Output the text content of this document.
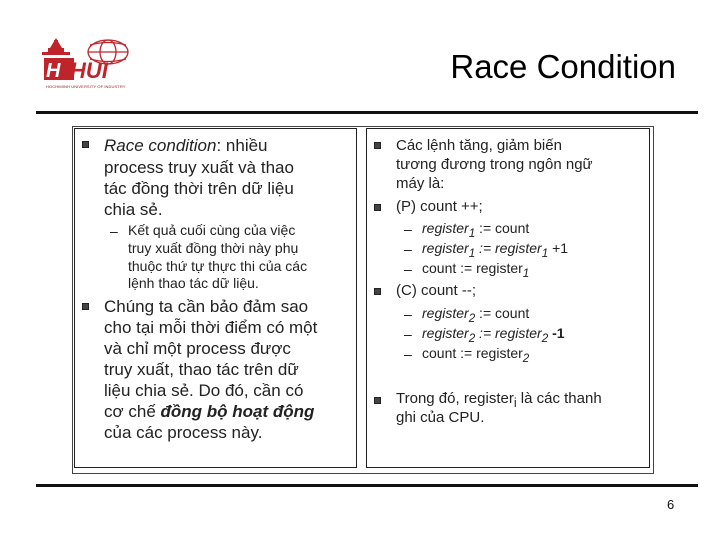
H HUI
HOCHIMINH UNIVERSITY OF INDUSTRY
Race Condition
Race condition: nhiều
process truy xuất và thao
tác đồng thời trên dữ liệu
chia sẻ.
– Kết quả cuối cùng của việc
truy xuất đồng thời này phụ
thuộc thứ tự thực thi của các
lệnh thao tác dữ liệu.
Chúng ta cần bảo đảm sao
cho tại mỗi thời điểm có một
và chỉ một process được
truy xuất, thao tác trên dữ
liệu chia sẻ. Do đó, cần có
cơ chế đồng bộ hoạt động
của các process này.
Các lệnh tăng, giảm biến
tương đương trong ngôn ngữ
máy là:
(P) count ++;
– register$_1$ := count
– register$_1$ := register$_1$ +1
– count := register$_1$
(C) count --;
– register$_2$ := count
– register$_2$ := register$_2$ -1
– count := register$_2$
Trong đó, register$_i$ là các thanh
ghi của CPU.
6
